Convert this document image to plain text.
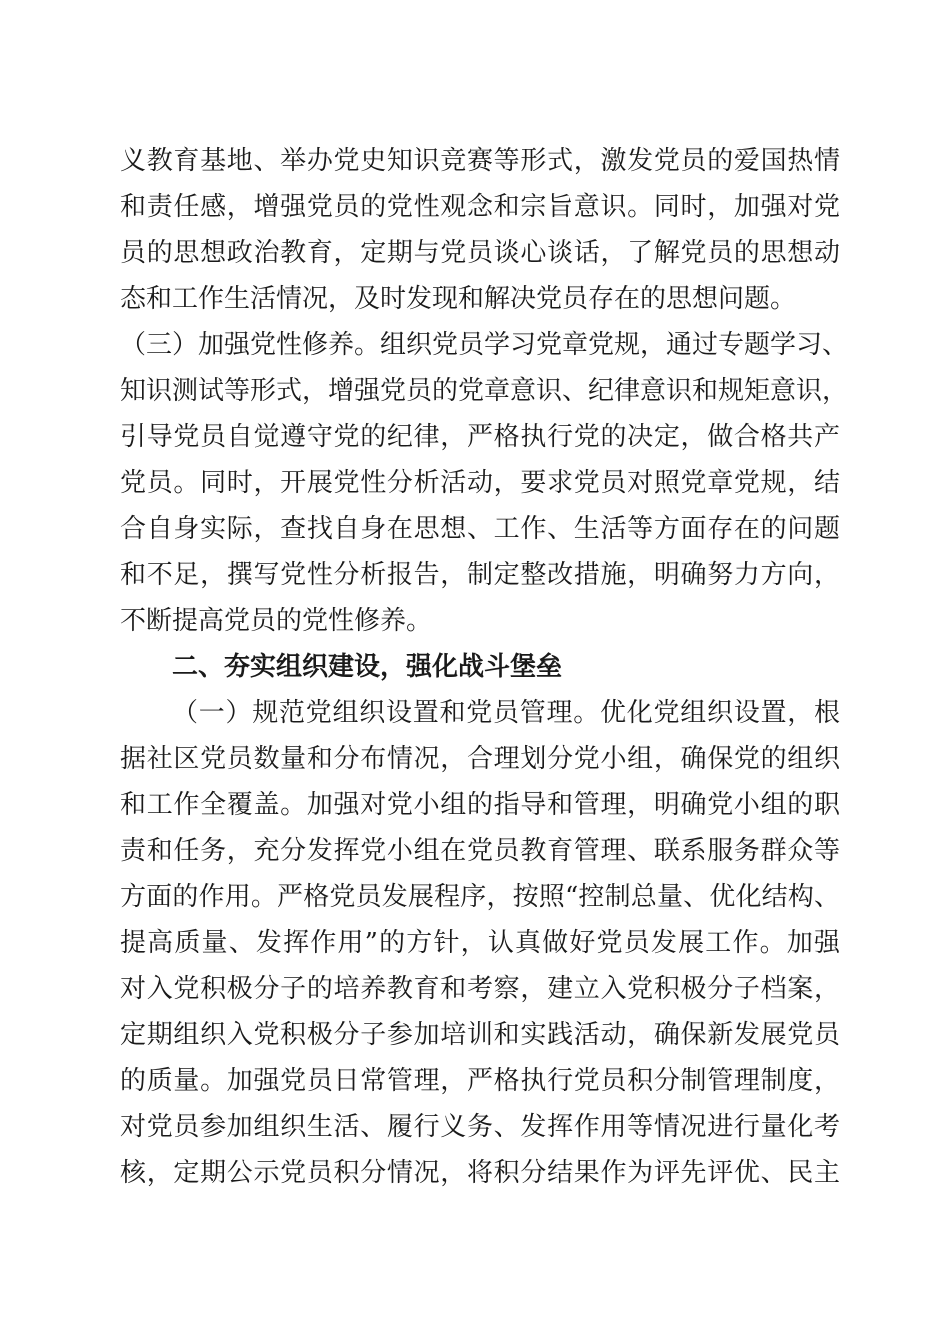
义教育基地、举办党史知识竞赛等形式，激发党员的爱国热情
和责任感，增强党员的党性观念和宗旨意识。同时，加强对党
员的思想政治教育，定期与党员谈心谈话，了解党员的思想动
态和工作生活情况，及时发现和解决党员存在的思想问题。
（三）加强党性修养。组织党员学习党章党规，通过专题学习、
知识测试等形式，增强党员的党章意识、纪律意识和规矩意识，
引导党员自觉遵守党的纪律，严格执行党的决定，做合格共产
党员。同时，开展党性分析活动，要求党员对照党章党规，结
合自身实际，查找自身在思想、工作、生活等方面存在的问题
和不足，撰写党性分析报告，制定整改措施，明确努力方向，
不断提高党员的党性修养。
二、夯实组织建设，强化战斗堡垒
（一）规范党组织设置和党员管理。优化党组织设置，根
据社区党员数量和分布情况，合理划分党小组，确保党的组织
和工作全覆盖。加强对党小组的指导和管理，明确党小组的职
责和任务，充分发挥党小组在党员教育管理、联系服务群众等
方面的作用。严格党员发展程序，按照“控制总量、优化结构、
提高质量、发挥作用”的方针，认真做好党员发展工作。加强
对入党积极分子的培养教育和考察，建立入党积极分子档案，
定期组织入党积极分子参加培训和实践活动，确保新发展党员
的质量。加强党员日常管理，严格执行党员积分制管理制度，
对党员参加组织生活、履行义务、发挥作用等情况进行量化考
核，定期公示党员积分情况，将积分结果作为评先评优、民主
